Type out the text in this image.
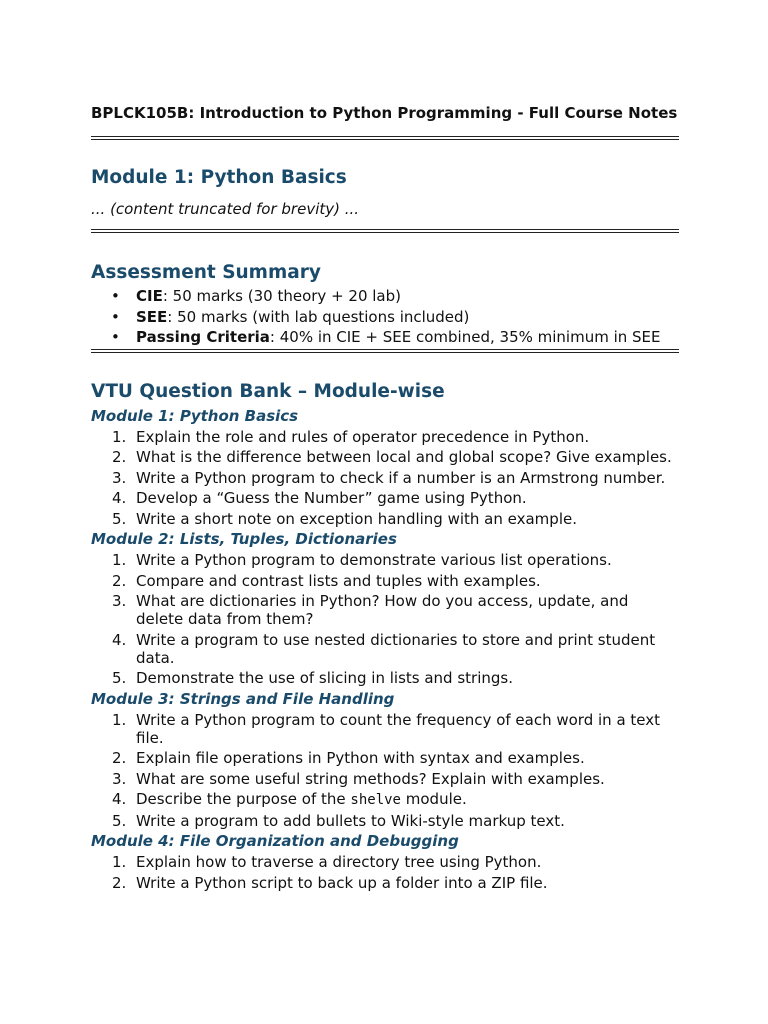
BPLCK105B: Introduction to Python Programming - Full Course Notes
Module 1: Python Basics

... (content truncated for brevity) ...

Assessment Summary
• CIE: 50 marks (30 theory + 20 lab)
• SEE: 50 marks (with lab questions included)
• Passing Criteria: 40% in CIE + SEE combined, 35% minimum in SEE
VTU Question Bank – Module-wise
Module 1: Python Basics
1. Explain the role and rules of operator precedence in Python.
2. What is the difference between local and global scope? Give examples.
3. Write a Python program to check if a number is an Armstrong number.
4. Develop a “Guess the Number” game using Python.
5. Write a short note on exception handling with an example.
Module 2: Lists, Tuples, Dictionaries
1. Write a Python program to demonstrate various list operations.
2. Compare and contrast lists and tuples with examples.
3. What are dictionaries in Python? How do you access, update, and delete data from them?
4. Write a program to use nested dictionaries to store and print student data.
5. Demonstrate the use of slicing in lists and strings.
Module 3: Strings and File Handling
1. Write a Python program to count the frequency of each word in a text file.
2. Explain file operations in Python with syntax and examples.
3. What are some useful string methods? Explain with examples.
4. Describe the purpose of the shelve module.
5. Write a program to add bullets to Wiki-style markup text.
Module 4: File Organization and Debugging
1. Explain how to traverse a directory tree using Python.
2. Write a Python script to back up a folder into a ZIP file.
